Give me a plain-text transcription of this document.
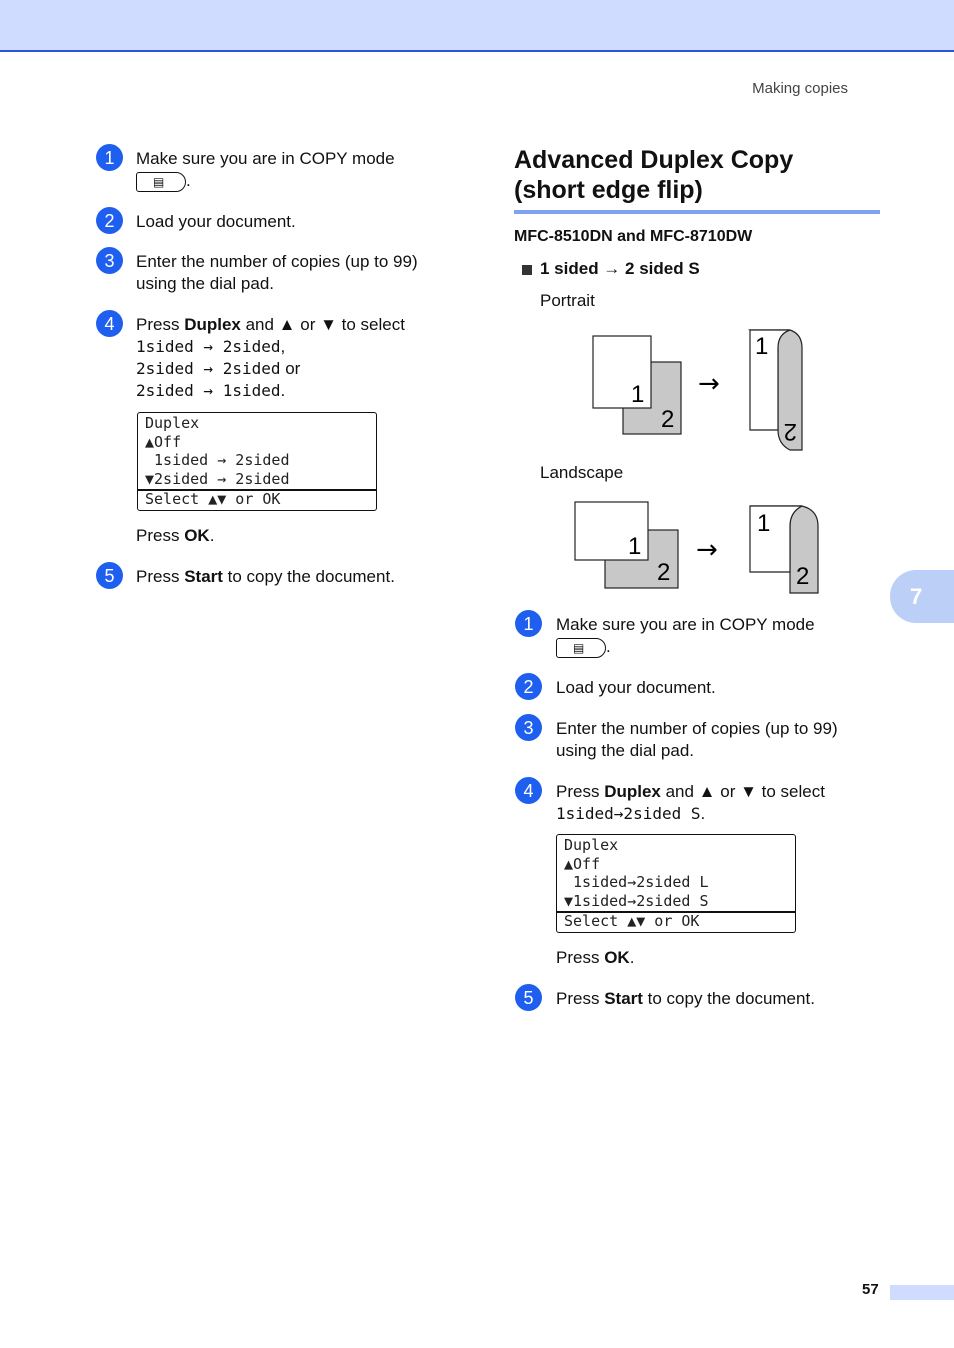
Making copies
7
1	Make sure you are in COPY mode

▤ .
2	Load your document.
3	Enter the number of copies (up to 99)
using the dial pad.
4	Press Duplex and ▲ or ▼ to select
1sided → 2sided,
2sided → 2sided or
2sided → 1sided.
Duplex
▲Off
1sided → 2sided
▼2sided → 2sided
Select ▲▼ or OK
Press OK.
5	Press Start to copy the document.
Advanced Duplex Copy
(short edge flip)
MFC-8510DN and MFC-8710DW
1 sided → 2 sided S
Portrait
1
2
→
1
2
Landscape
1
2
→
1
2
1	Make sure you are in COPY mode

▤ .
2	Load your document.
3	Enter the number of copies (up to 99)
using the dial pad.
4	Press Duplex and ▲ or ▼ to select
1sided→2sided S.
Duplex
▲Off
1sided→2sided L
▼1sided→2sided S
Select ▲▼ or OK
Press OK.
5	Press Start to copy the document.
57
